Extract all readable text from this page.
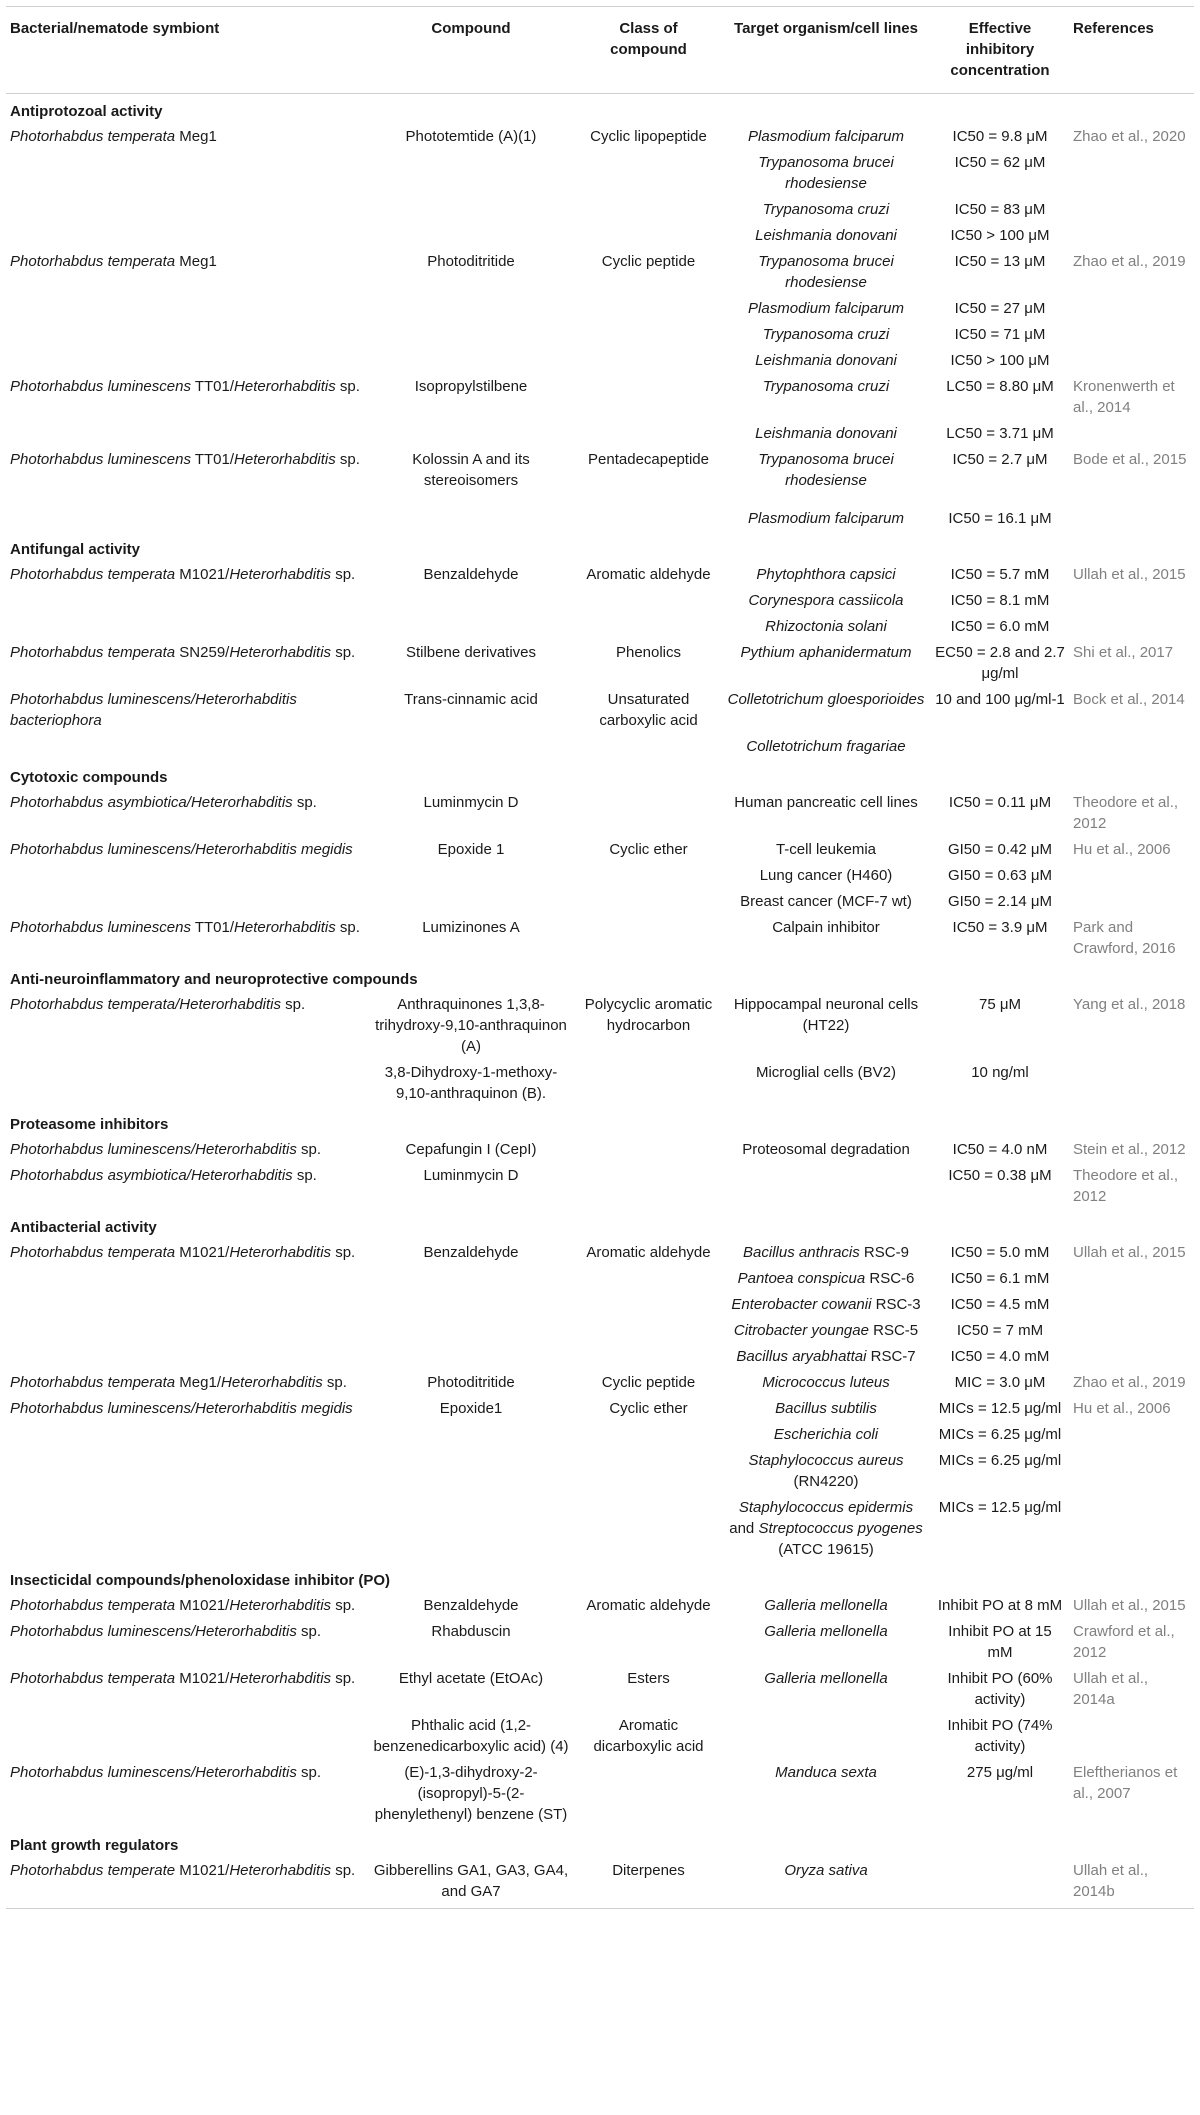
Bacterial/nematode symbiont	Compound	Class of compound	Target organism/cell lines	Effective inhibitory concentration	References
Antiprotozoal activity					
Photorhabdus temperata Meg1	Phototemtide (A)(1)	Cyclic lipopeptide	Plasmodium falciparum	IC50 = 9.8 μM	Zhao et al., 2020
			Trypanosoma brucei rhodesiense	IC50 = 62 μM	
			Trypanosoma cruzi	IC50 = 83 μM	
			Leishmania donovani	IC50 > 100 μM	
Photorhabdus temperata Meg1	Photoditritide	Cyclic peptide	Trypanosoma brucei rhodesiense	IC50 = 13 μM	Zhao et al., 2019
			Plasmodium falciparum	IC50 = 27 μM	
			Trypanosoma cruzi	IC50 = 71 μM	
			Leishmania donovani	IC50 > 100 μM	
Photorhabdus luminescens TT01/Heterorhabditis sp.	Isopropylstilbene		Trypanosoma cruzi	LC50 = 8.80 μM	Kronenwerth et al., 2014
			Leishmania donovani	LC50 = 3.71 μM	
Photorhabdus luminescens TT01/Heterorhabditis sp.	Kolossin A and its stereoisomers	Pentadecapeptide	Trypanosoma brucei rhodesiense	IC50 = 2.7 μM	Bode et al., 2015
			Plasmodium falciparum	IC50 = 16.1 μM	
Antifungal activity					
Photorhabdus temperata M1021/Heterorhabditis sp.	Benzaldehyde	Aromatic aldehyde	Phytophthora capsici	IC50 = 5.7 mM	Ullah et al., 2015
			Corynespora cassiicola	IC50 = 8.1 mM	
			Rhizoctonia solani	IC50 = 6.0 mM	
Photorhabdus temperata SN259/Heterorhabditis sp.	Stilbene derivatives	Phenolics	Pythium aphanidermatum	EC50 = 2.8 and 2.7 μg/ml	Shi et al., 2017
Photorhabdus luminescens/Heterorhabditis bacteriophora	Trans-cinnamic acid	Unsaturated carboxylic acid	Colletotrichum gloesporioides	10 and 100 μg/ml-1	Bock et al., 2014
			Colletotrichum fragariae		
Cytotoxic compounds					
Photorhabdus asymbiotica/Heterorhabditis sp.	Luminmycin D		Human pancreatic cell lines	IC50 = 0.11 μM	Theodore et al., 2012
Photorhabdus luminescens/Heterorhabditis megidis	Epoxide 1	Cyclic ether	T-cell leukemia	GI50 = 0.42 μM	Hu et al., 2006
			Lung cancer (H460)	GI50 = 0.63 μM	
			Breast cancer (MCF-7 wt)	GI50 = 2.14 μM	
Photorhabdus luminescens TT01/Heterorhabditis sp.	Lumizinones A		Calpain inhibitor	IC50 = 3.9 μM	Park and Crawford, 2016
Anti-neuroinflammatory and neuroprotective compounds					
Photorhabdus temperata/Heterorhabditis sp.	Anthraquinones 1,3,8-trihydroxy-9,10-anthraquinon (A)	Polycyclic aromatic hydrocarbon	Hippocampal neuronal cells (HT22)	75 μM	Yang et al., 2018
	3,8-Dihydroxy-1-methoxy-9,10-anthraquinon (B).		Microglial cells (BV2)	10 ng/ml	
Proteasome inhibitors					
Photorhabdus luminescens/Heterorhabditis sp.	Cepafungin I (CepI)		Proteosomal degradation	IC50 = 4.0 nM	Stein et al., 2012
Photorhabdus asymbiotica/Heterorhabditis sp.	Luminmycin D			IC50 = 0.38 μM	Theodore et al., 2012
Antibacterial activity					
Photorhabdus temperata M1021/Heterorhabditis sp.	Benzaldehyde	Aromatic aldehyde	Bacillus anthracis RSC-9	IC50 = 5.0 mM	Ullah et al., 2015
			Pantoea conspicua RSC-6	IC50 = 6.1 mM	
			Enterobacter cowanii RSC-3	IC50 = 4.5 mM	
			Citrobacter youngae RSC-5	IC50 = 7 mM	
			Bacillus aryabhattai RSC-7	IC50 = 4.0 mM	
Photorhabdus temperata Meg1/Heterorhabditis sp.	Photoditritide	Cyclic peptide	Micrococcus luteus	MIC = 3.0 μM	Zhao et al., 2019
Photorhabdus luminescens/Heterorhabditis megidis	Epoxide1	Cyclic ether	Bacillus subtilis	MICs = 12.5 μg/ml	Hu et al., 2006
			Escherichia coli	MICs = 6.25 μg/ml	
			Staphylococcus aureus (RN4220)	MICs = 6.25 μg/ml	
			Staphylococcus epidermis and Streptococcus pyogenes (ATCC 19615)	MICs = 12.5 μg/ml	
Insecticidal compounds/phenoloxidase inhibitor (PO)					
Photorhabdus temperata M1021/Heterorhabditis sp.	Benzaldehyde	Aromatic aldehyde	Galleria mellonella	Inhibit PO at 8 mM	Ullah et al., 2015
Photorhabdus luminescens/Heterorhabditis sp.	Rhabduscin		Galleria mellonella	Inhibit PO at 15 mM	Crawford et al., 2012
Photorhabdus temperata M1021/Heterorhabditis sp.	Ethyl acetate (EtOAc)	Esters	Galleria mellonella	Inhibit PO (60% activity)	Ullah et al., 2014a
	Phthalic acid (1,2-benzenedicarboxylic acid) (4)	Aromatic dicarboxylic acid		Inhibit PO (74% activity)	
Photorhabdus luminescens/Heterorhabditis sp.	(E)-1,3-dihydroxy-2-(isopropyl)-5-(2-phenylethenyl) benzene (ST)		Manduca sexta	275 μg/ml	Eleftherianos et al., 2007
Plant growth regulators					
Photorhabdus temperate M1021/Heterorhabditis sp.	Gibberellins GA1, GA3, GA4, and GA7	Diterpenes	Oryza sativa		Ullah et al., 2014b
